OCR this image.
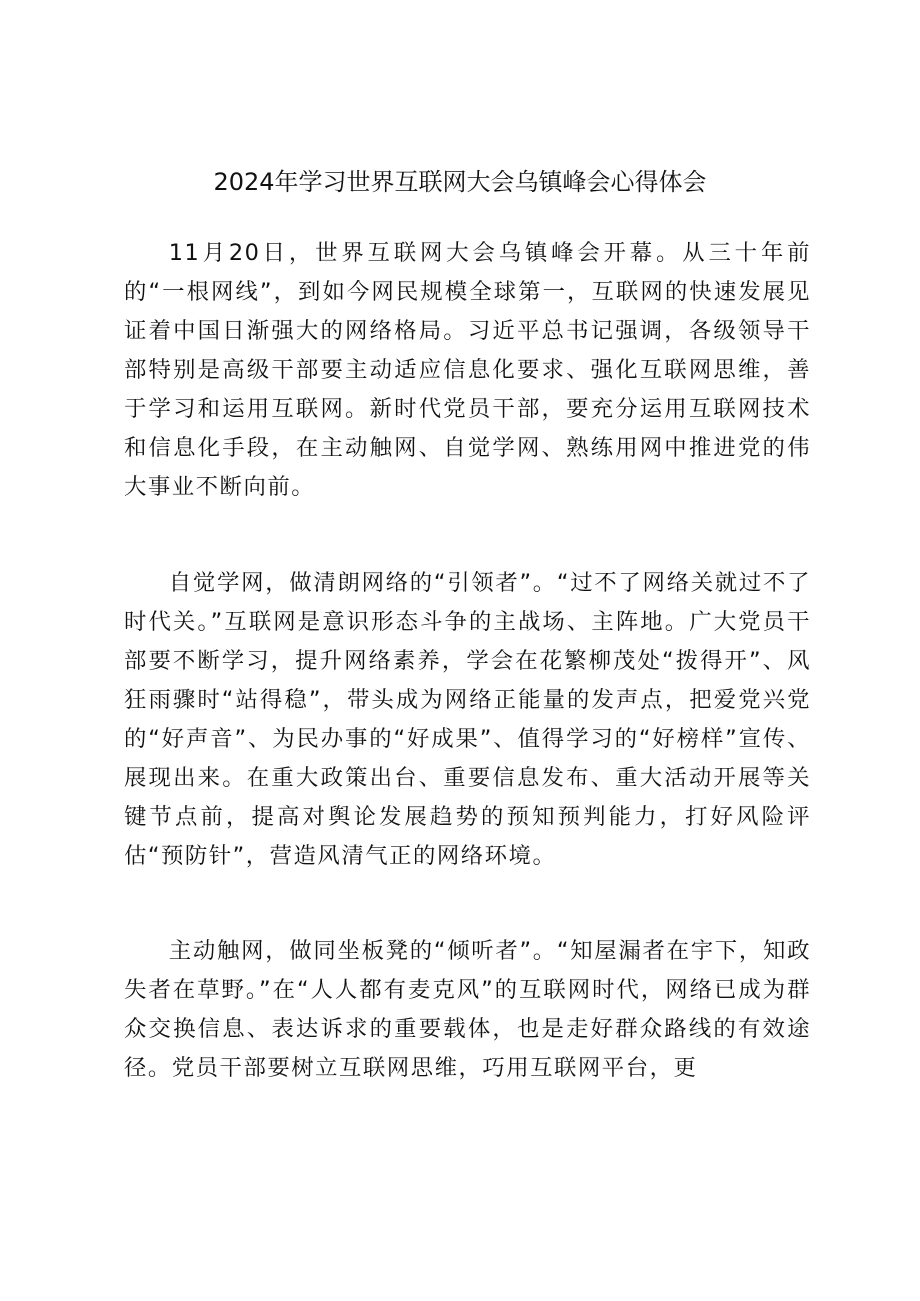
2024年学习世界互联网大会乌镇峰会心得体会

11月20日，世界互联网大会乌镇峰会开幕。从三十年前的“一根网线”，到如今网民规模全球第一，互联网的快速发展见证着中国日渐强大的网络格局。习近平总书记强调，各级领导干部特别是高级干部要主动适应信息化要求、强化互联网思维，善于学习和运用互联网。新时代党员干部，要充分运用互联网技术和信息化手段，在主动触网、自觉学网、熟练用网中推进党的伟大事业不断向前。

自觉学网，做清朗网络的“引领者”。“过不了网络关就过不了时代关。”互联网是意识形态斗争的主战场、主阵地。广大党员干部要不断学习，提升网络素养，学会在花繁柳茂处“拨得开”、风狂雨骤时“站得稳”，带头成为网络正能量的发声点，把爱党兴党的“好声音”、为民办事的“好成果”、值得学习的“好榜样”宣传、展现出来。在重大政策出台、重要信息发布、重大活动开展等关键节点前，提高对舆论发展趋势的预知预判能力，打好风险评估“预防针”，营造风清气正的网络环境。

主动触网，做同坐板凳的“倾听者”。“知屋漏者在宇下，知政失者在草野。”在“人人都有麦克风”的互联网时代，网络已成为群众交换信息、表达诉求的重要载体，也是走好群众路线的有效途径。党员干部要树立互联网思维，巧用互联网平台，更
